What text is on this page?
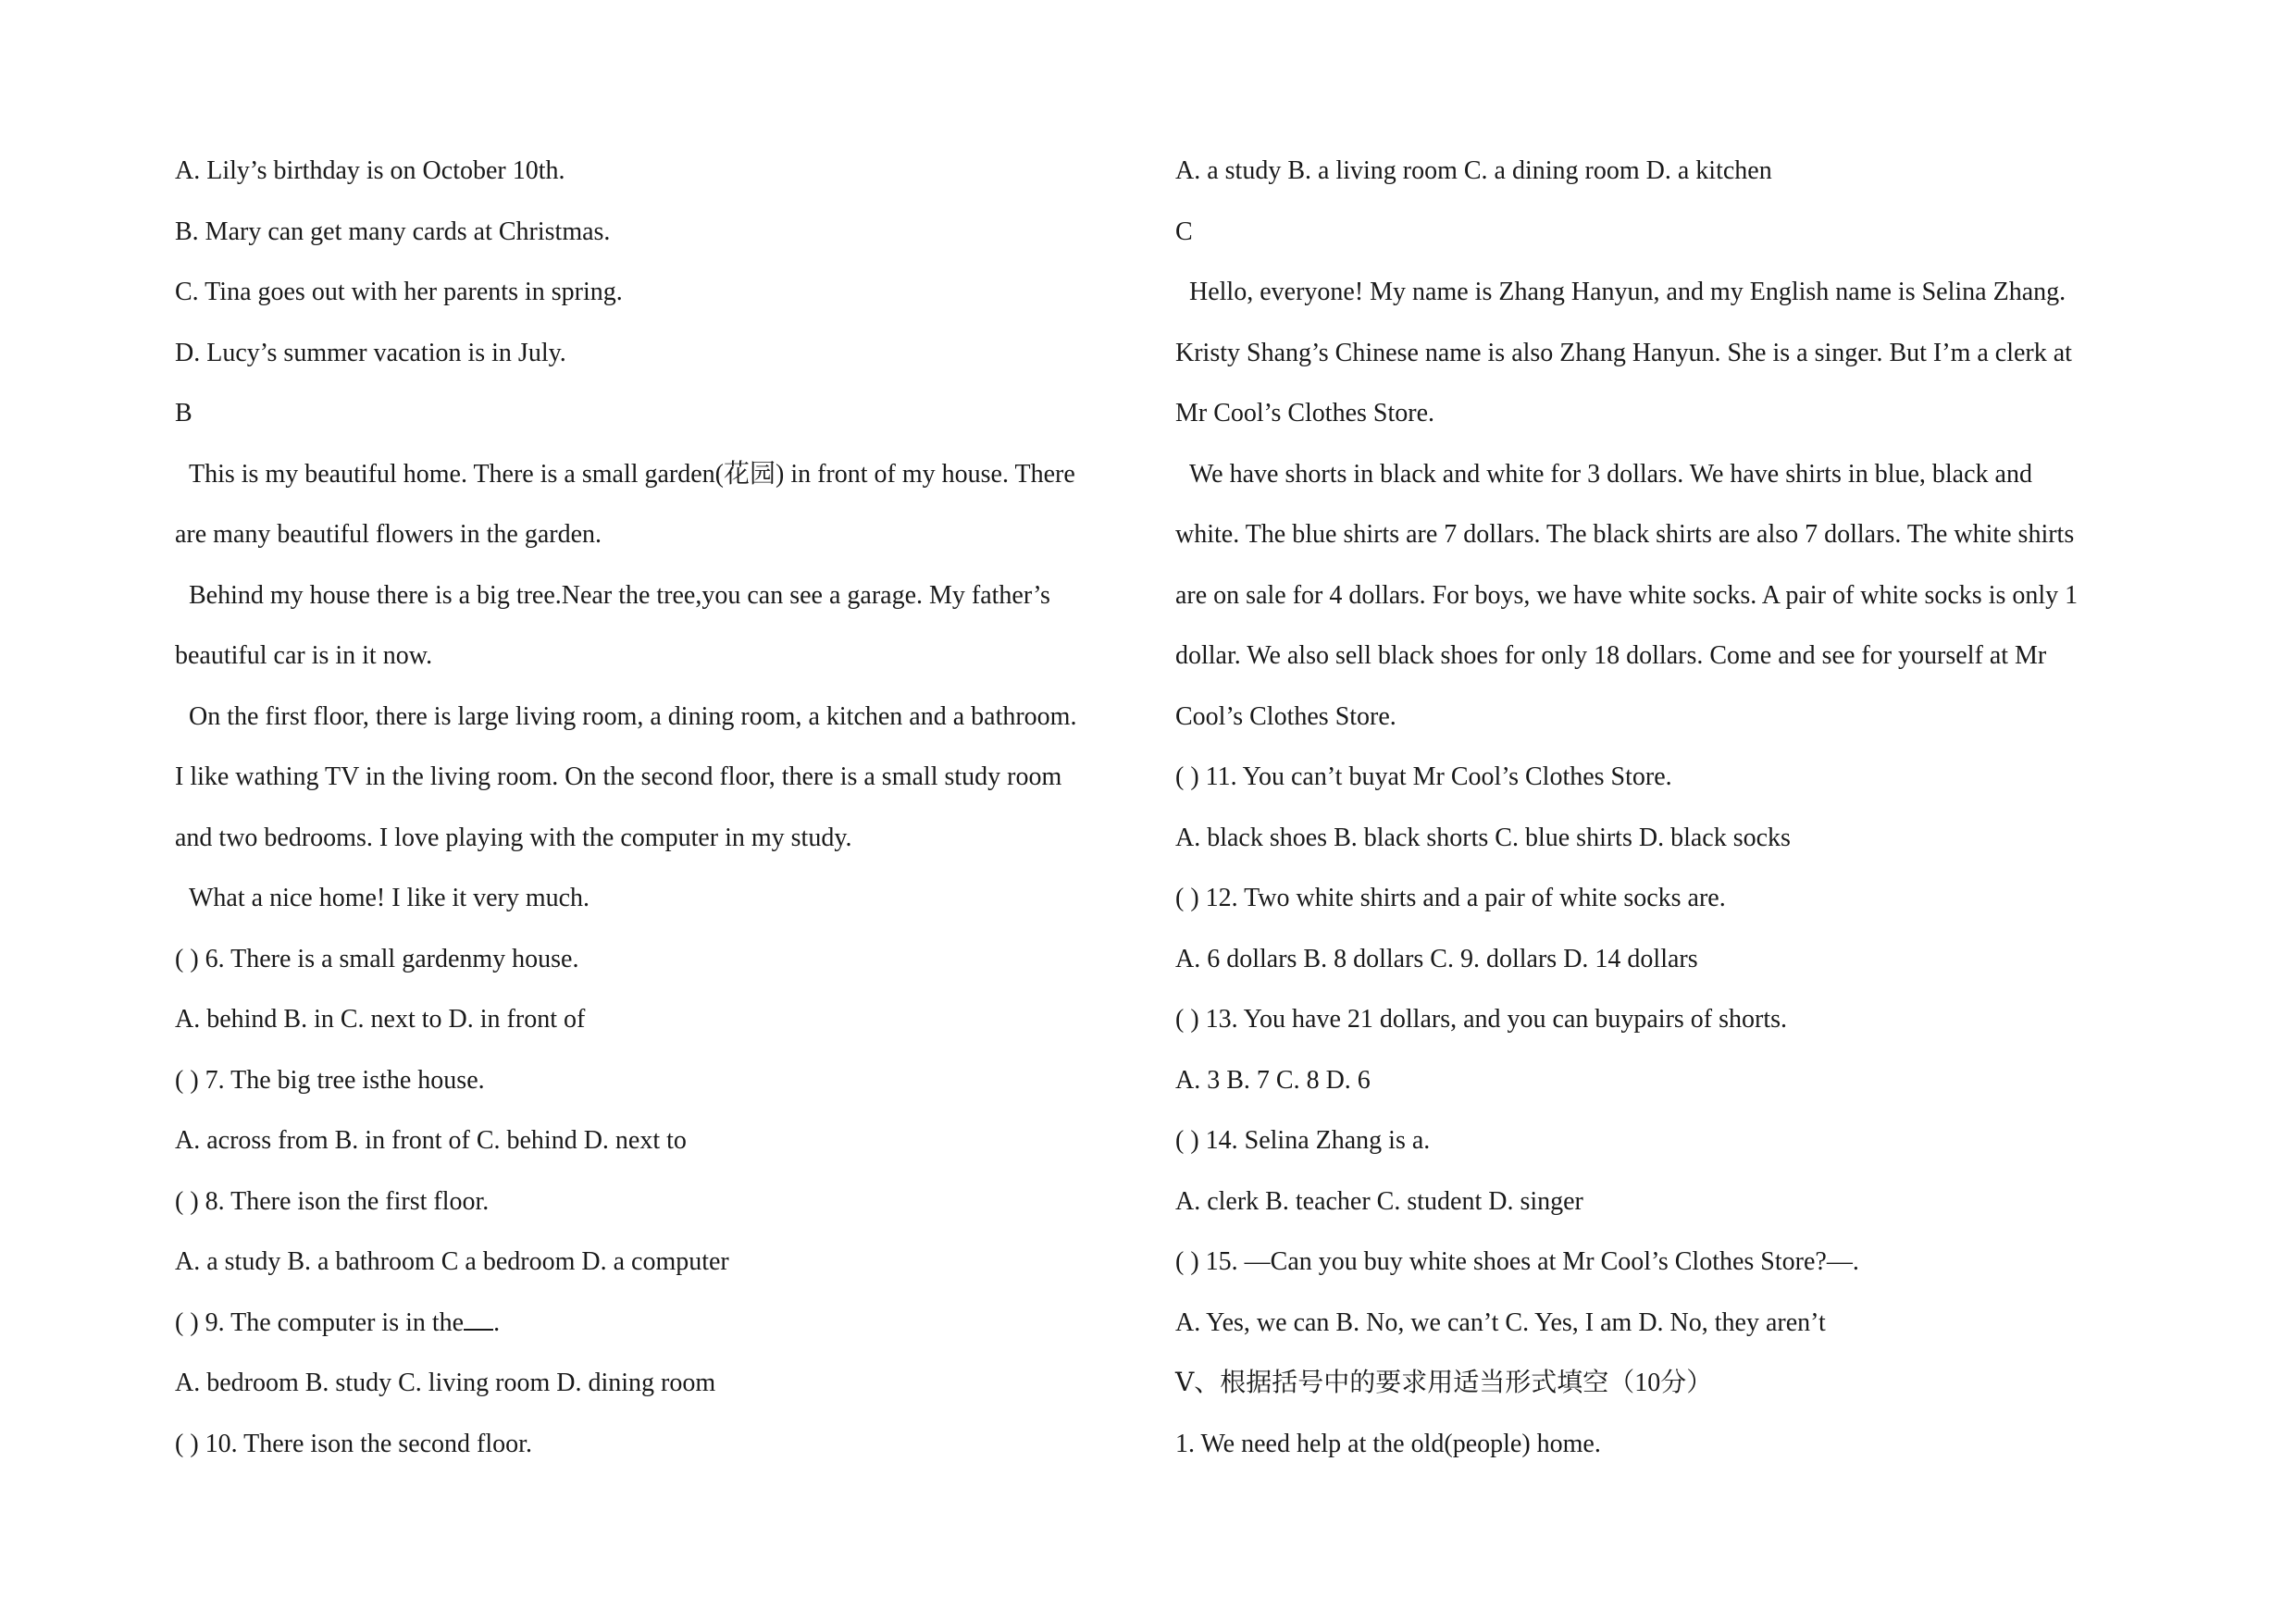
A. Lily’s birthday is on October 10th.
B. Mary can get many cards at Christmas.
C. Tina goes out with her parents in spring.
D. Lucy’s summer vacation is in July.
B
This is my beautiful home. There is a small garden(花园) in front of my house. There
are many beautiful flowers in the garden.
Behind my house there is a big tree.Near the tree,you can see a garage. My father’s
beautiful car is in it now.
On the first floor, there is large living room, a dining room, a kitchen and a bathroom.
I like wathing TV in the living room. On the second floor, there is a small study room
and two bedrooms. I love playing with the computer in my study.
What a nice home! I like it very much.
( ) 6. There is a small gardenmy house.
A. behind B. in C. next to D. in front of
( ) 7. The big tree isthe house.
A. across from B. in front of C. behind D. next to
( ) 8. There ison the first floor.
A. a study B. a bathroom C a bedroom D. a computer
( ) 9. The computer is in the .
A. bedroom B. study C. living room D. dining room
( ) 10. There ison the second floor.
A. a study B. a living room C. a dining room D. a kitchen
C
Hello, everyone! My name is Zhang Hanyun, and my English name is Selina Zhang.
Kristy Shang’s Chinese name is also Zhang Hanyun. She is a singer. But I’m a clerk at
Mr Cool’s Clothes Store.
We have shorts in black and white for 3 dollars. We have shirts in blue, black and
white. The blue shirts are 7 dollars. The black shirts are also 7 dollars. The white shirts
are on sale for 4 dollars. For boys, we have white socks. A pair of white socks is only 1
dollar. We also sell black shoes for only 18 dollars. Come and see for yourself at Mr
Cool’s Clothes Store.
( ) 11. You can’t buyat Mr Cool’s Clothes Store.
A. black shoes B. black shorts C. blue shirts D. black socks
( ) 12. Two white shirts and a pair of white socks are.
A. 6 dollars B. 8 dollars C. 9. dollars D. 14 dollars
( ) 13. You have 21 dollars, and you can buypairs of shorts.
A. 3 B. 7 C. 8 D. 6
( ) 14. Selina Zhang is a.
A. clerk B. teacher C. student D. singer
( ) 15. —Can you buy white shoes at Mr Cool’s Clothes Store?—.
A. Yes, we can B. No, we can’t C. Yes, I am D. No, they aren’t
Ⅴ、根据括号中的要求用适当形式填空（10分）
1. We need help at the old(people) home.
